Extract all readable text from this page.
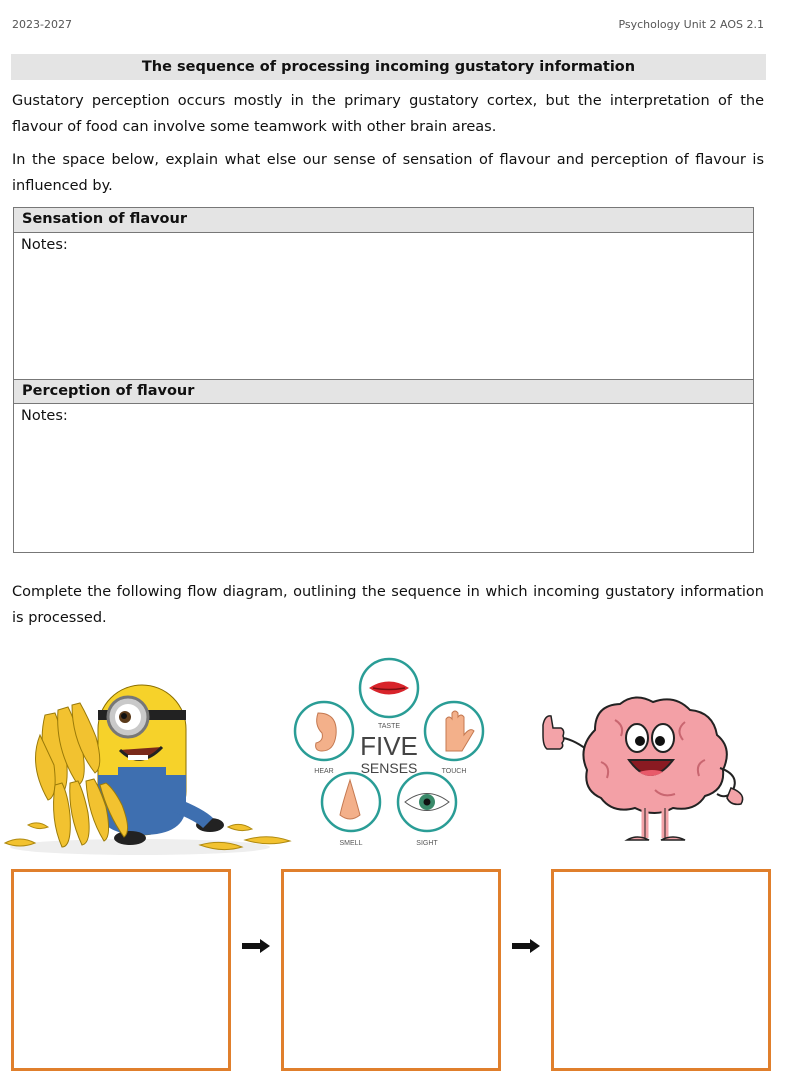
2023-2027	Psychology Unit 2 AOS 2.1
The sequence of processing incoming gustatory information
Gustatory perception occurs mostly in the primary gustatory cortex, but the interpretation of the flavour of food can involve some teamwork with other brain areas.
In the space below, explain what else our sense of sensation of flavour and perception of flavour is influenced by.
Sensation of flavour
Notes:
Perception of flavour
Notes:
Complete the following flow diagram, outlining the sequence in which incoming gustatory information is processed.
TASTE
FIVE
SENSES
HEAR	TOUCH
SMELL	SIGHT
